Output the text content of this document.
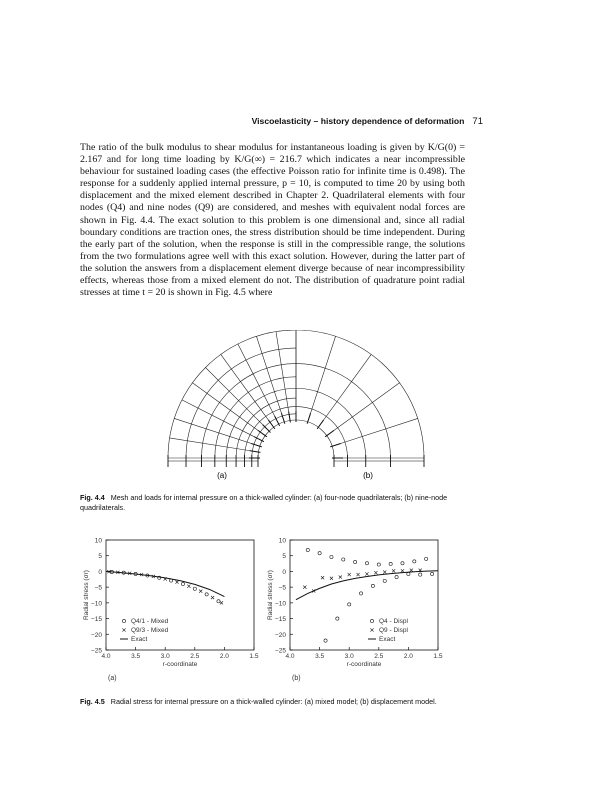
Viscoelasticity – history dependence of deformation 71
The ratio of the bulk modulus to shear modulus for instantaneous loading is given by K/G(0) = 2.167 and for long time loading by K/G(∞) = 216.7 which indicates a near incompressible behaviour for sustained loading cases (the effective Poisson ratio for infinite time is 0.498). The response for a suddenly applied internal pressure, p = 10, is computed to time 20 by using both displacement and the mixed element described in Chapter 2. Quadrilateral elements with four nodes (Q4) and nine nodes (Q9) are considered, and meshes with equivalent nodal forces are shown in Fig. 4.4. The exact solution to this problem is one dimensional and, since all radial boundary conditions are traction ones, the stress distribution should be time independent. During the early part of the solution, when the response is still in the compressible range, the solutions from the two formulations agree well with this exact solution. However, during the latter part of the solution the answers from a displacement element diverge because of near incompressibility effects, whereas those from a mixed element do not. The distribution of quadrature point radial stresses at time t = 20 is shown in Fig. 4.5 where
(a)	(b)
Fig. 4.4 Mesh and loads for internal pressure on a thick-walled cylinder: (a) four-node quadrilaterals; (b) nine-node quadrilaterals.
10
5
0
−5
−10
−15
−20
−25
4.0	3.5	3.0	2.5	2.0	1.5
r-coordinate
Radial stress (σr)
Q4/1 - Mixed
Q9/3 - Mixed
Exact
(a)
10
5
0
−5
−10
−15
−20
−25
4.0	3.5	3.0	2.5	2.0	1.5
r-coordinate
Radial stress (σr)
Q4 - Displ
Q9 - Displ
Exact
(b)
Fig. 4.5 Radial stress for internal pressure on a thick-walled cylinder: (a) mixed model; (b) displacement model.
